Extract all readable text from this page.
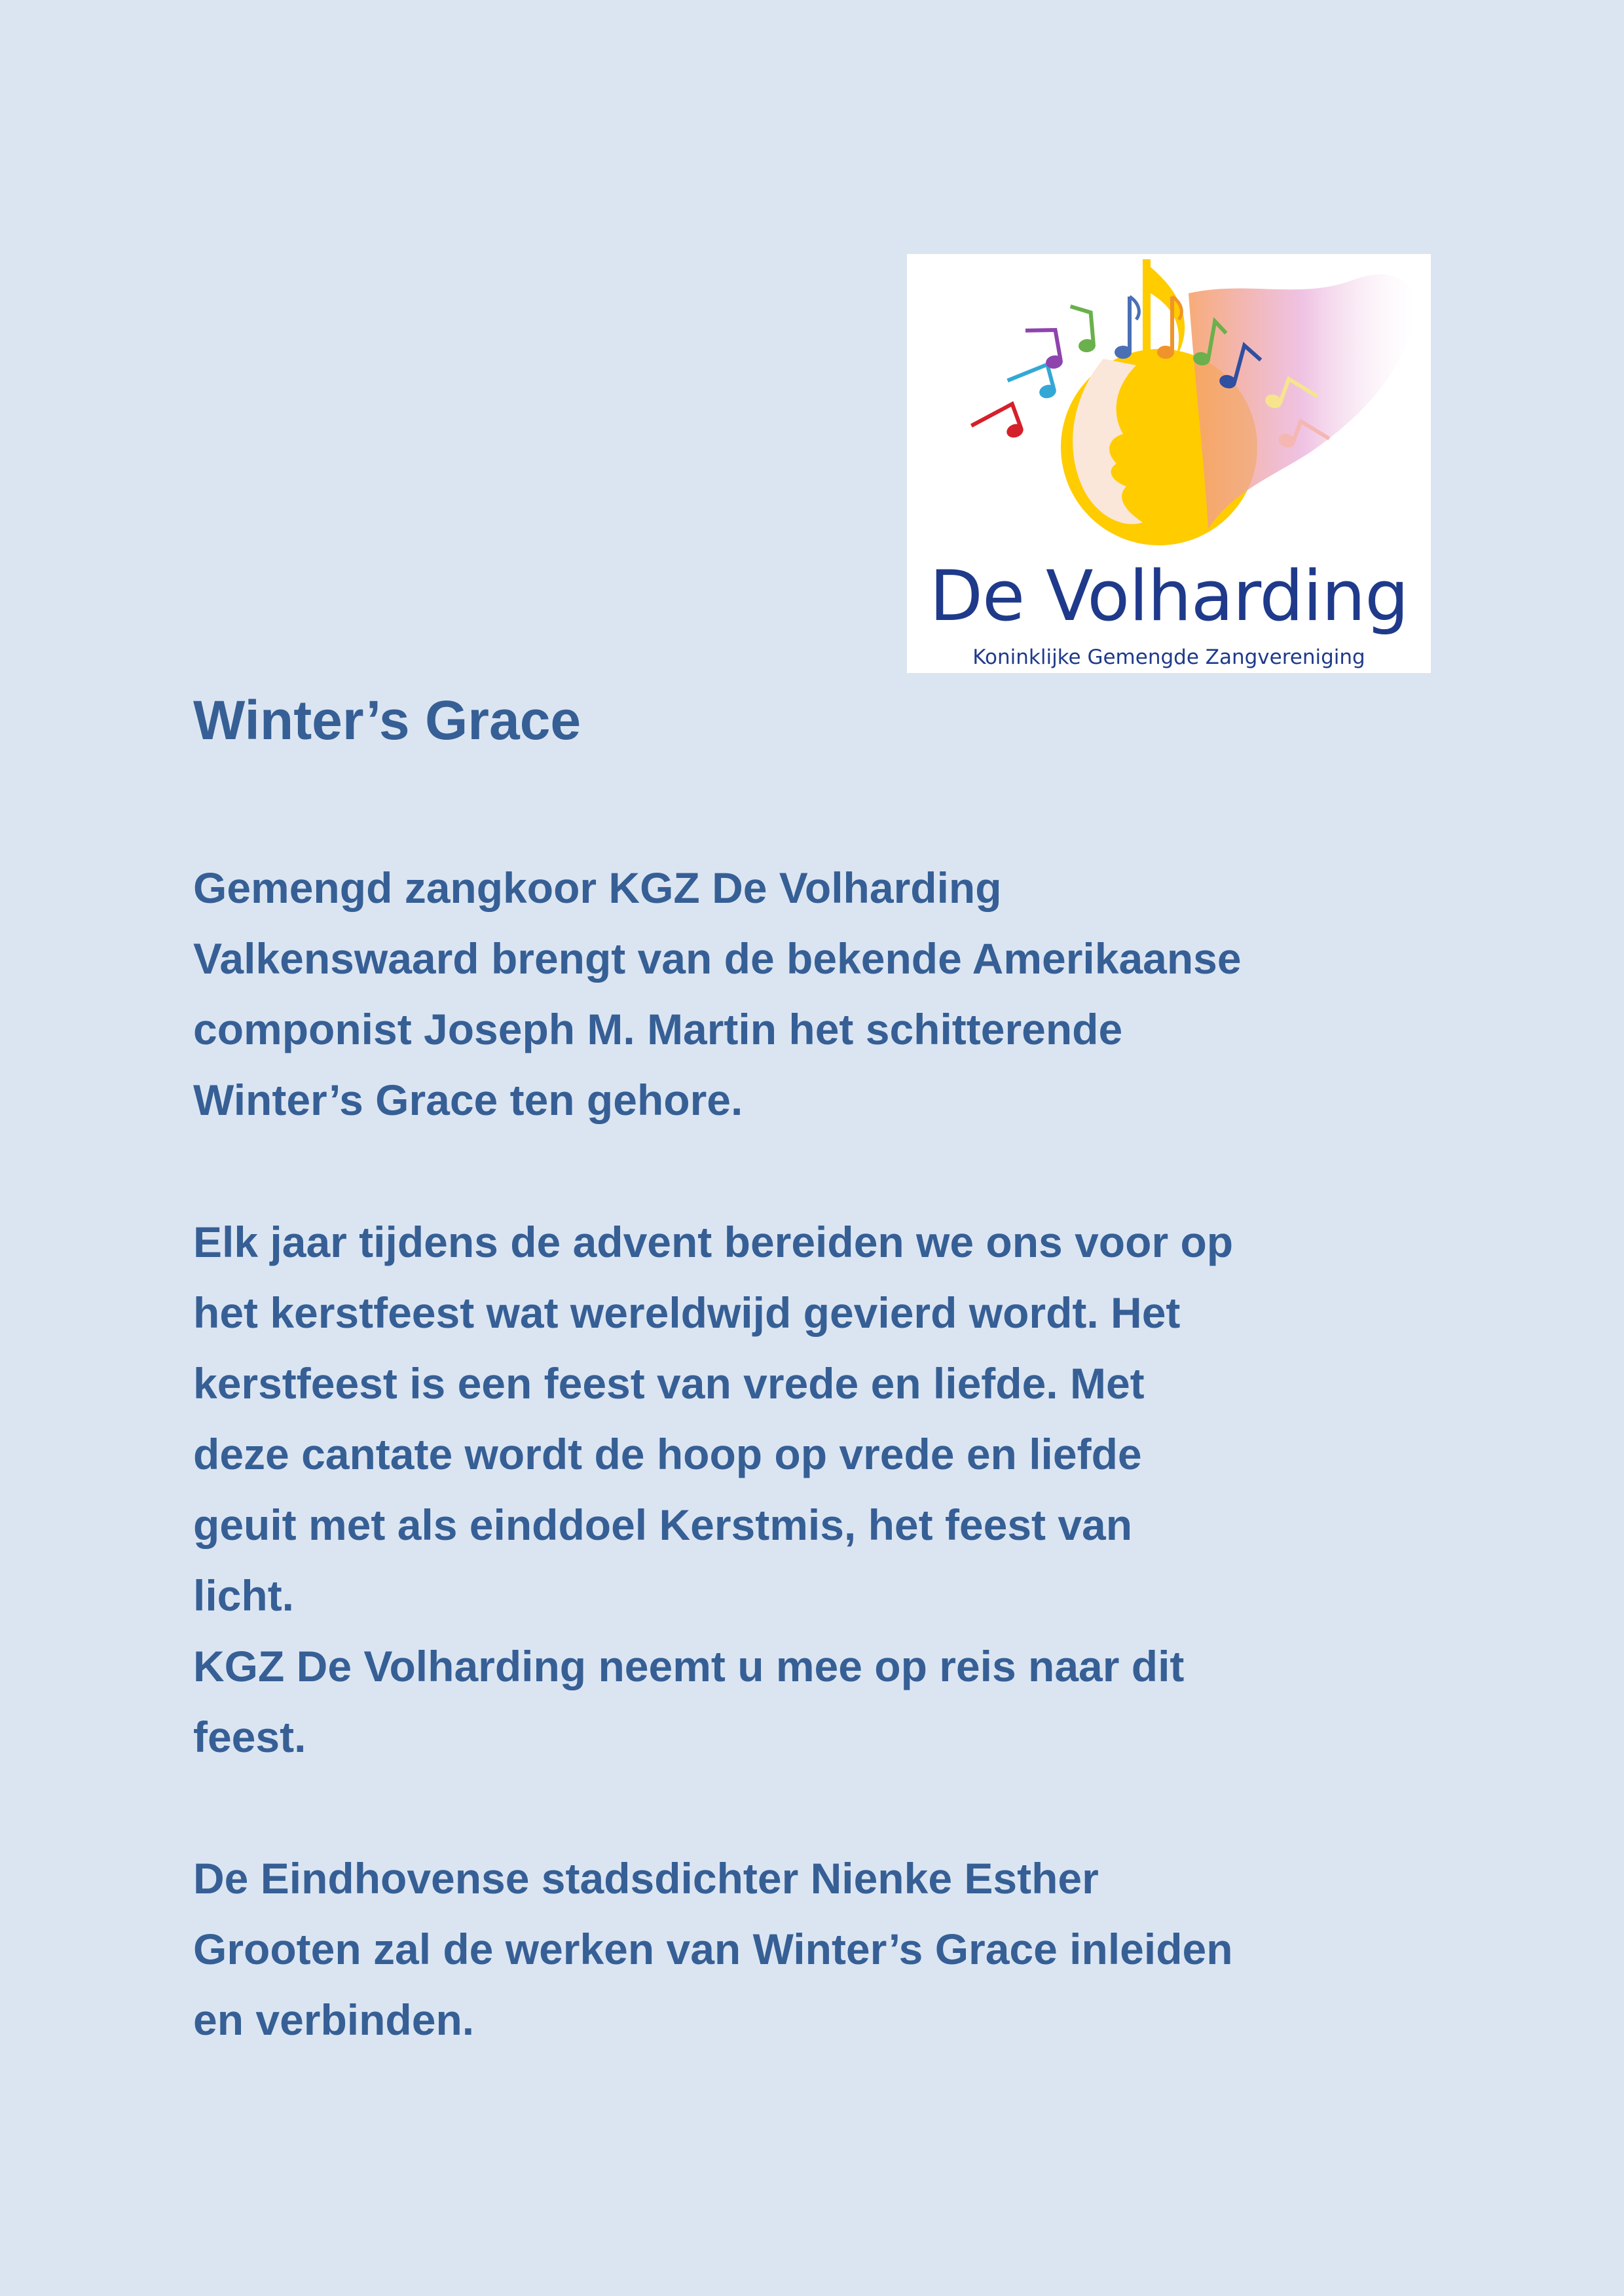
De Volharding
Koninklijke Gemengde Zangvereniging
Winter’s Grace

Gemengd zangkoor KGZ De Volharding
Valkenswaard brengt van de bekende Amerikaanse
componist Joseph M. Martin het schitterende
Winter’s Grace ten gehore.

Elk jaar tijdens de advent bereiden we ons voor op
het kerstfeest wat wereldwijd gevierd wordt. Het
kerstfeest is een feest van vrede en liefde. Met
deze cantate wordt de hoop op vrede en liefde
geuit met als einddoel Kerstmis, het feest van
licht.
KGZ De Volharding neemt u mee op reis naar dit
feest.

De Eindhovense stadsdichter Nienke Esther
Grooten zal de werken van Winter’s Grace inleiden
en verbinden.
